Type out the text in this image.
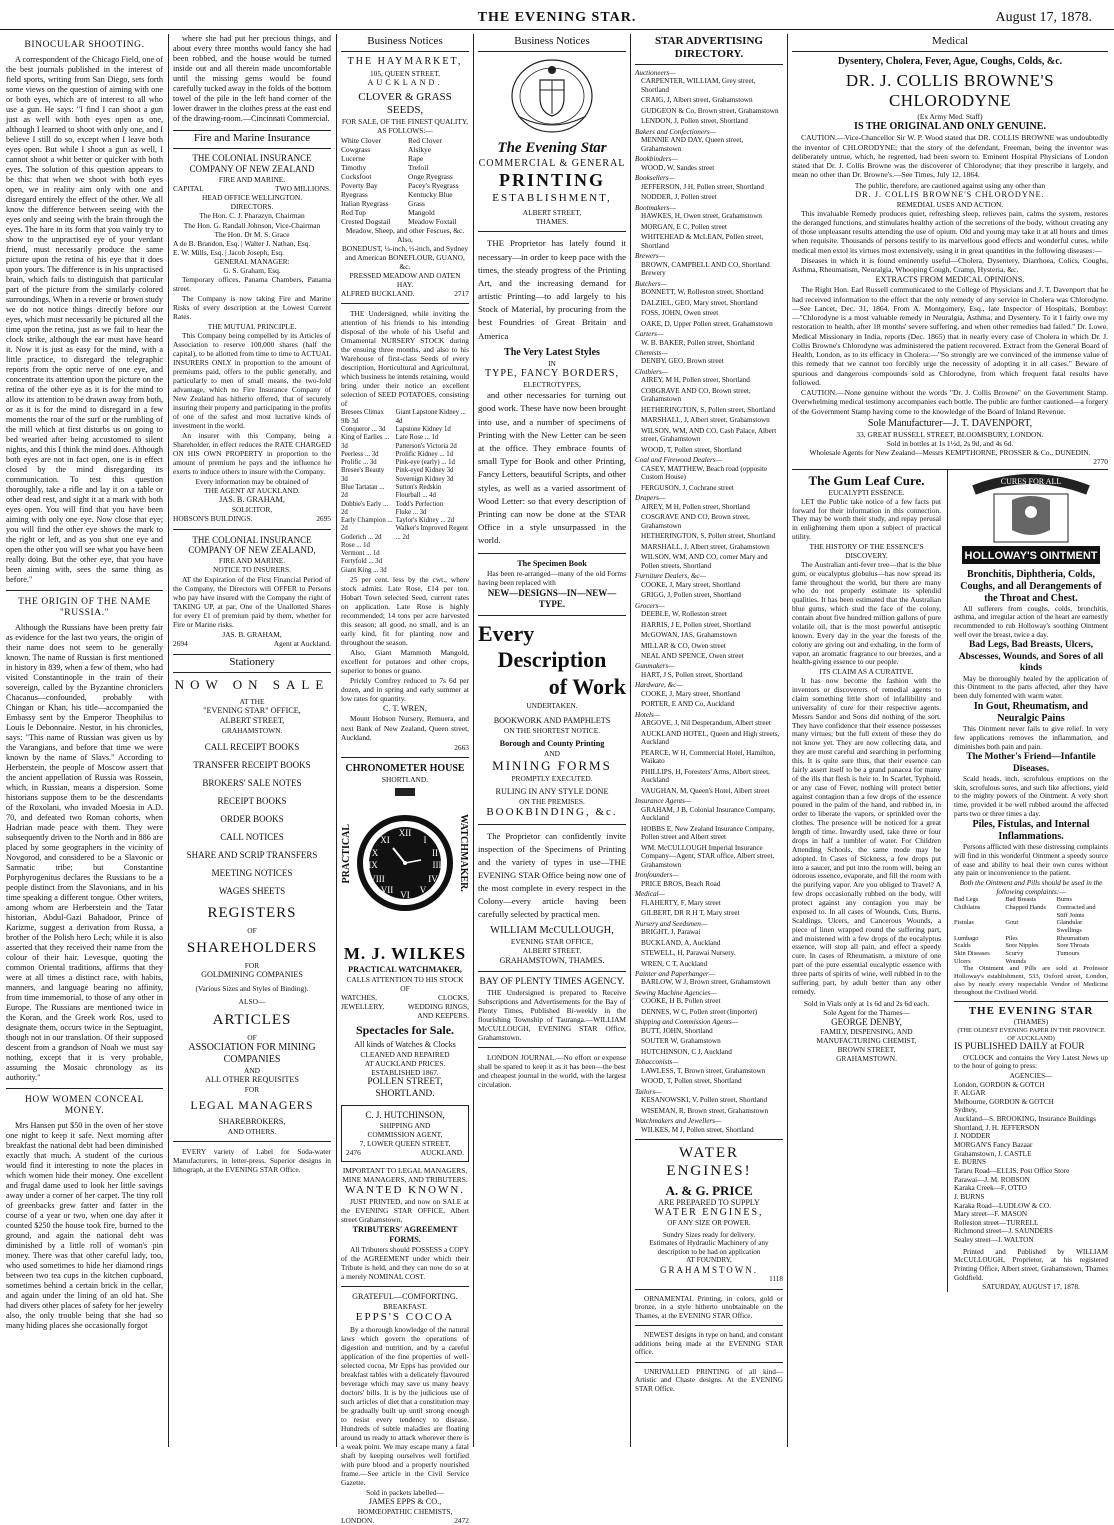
THE EVENING STAR.	August 17, 1878.
BINOCULAR SHOOTING.

A correspondent of the Chicago Field, one of the best journals published in the interest of field sports, writing from San Diego, sets forth some views on the question of aiming with one or both eyes, which are of interest to all who use a gun. He says: "I find I can shoot a gun just as well with both eyes open as one, although I learned to shoot with only one, and I believe I still do so, except when I leave both eyes open. But while I shoot a gun as well, I cannot shoot a whit better or quicker with both eyes. The solution of this question appears to be this: that when we shoot with both eyes open, we in reality aim only with one and disregard entirely the effect of the other. We all know the difference between seeing with the eyes only and seeing with the brain through the eyes. The hare in its form that you vainly try to show to the unpractised eye of your verdant friend, must necessarily produce the same picture upon the retina of his eye that it does upon yours. The difference is in his unpractised brain, which fails to distinguish that particular part of the picture from the similarly colored surroundings. When in a reverie or brown study we do not notice things directly before our eyes, which must necessarily be pictured all the time upon the retina, just as we fail to hear the clock strike, although the ear must have heard it. Now it is just as easy for the mind, with a little practice, to disregard the telegraphic reports from the optic nerve of one eye, and concentrate its attention upon the picture on the retina of the other eye as it is for the mind to allow its attention to be drawn away from both, or as it is for the mind to disregard in a few moments the roar of the surf or the rumbling of the mill which at first disturbs us on going to bed wearied after being accustomed to silent nights, and this I think the mind does. Although both eyes are not in fact open, one is in effect closed by the mind disregarding its communication. To test this question thoroughly, take a rifle and lay it on a table or other dead rest, and sight it at a mark with both eyes open. You will find that you have been aiming with only one eye. Now close that eye; you will find the other eye shows the mark to the right or left, and as you shut one eye and open the other you will see what you have been really doing. But the other eye, that you have been aiming with, sees the same thing as before."

THE ORIGIN OF THE NAME "RUSSIA."

Although the Russians have been pretty fair as evidence for the last two years, the origin of their name does not seem to be generally known. The name of Russian is first mentioned in history in 839, when a few of them, who had visited Constantinople in the train of their sovereign, called by the Byzantine chroniclers Chacanus—confounded, probably with Chingan or Khan, his title—accompanied the Embassy sent by the Emperor Theophilus to Louis le Debonnaire. Nestor, in his chronicles, says: "This name of Russian was given us by the Varangians, and before that time we were known by the name of Slavs." According to Herberstein, the people of Moscow assert that the ancient appellation of Russia was Rossein, which, in Russian, means a dispersion. Some historians suppose them to be the descendants of the Roxolani, who invaded Moesia in A.D. 70, and defeated two Roman cohorts, when Hadrian made peace with them. They were subsequently driven to the North and in 886 are placed by some geographers in the vicinity of Novgorod, and considered to be a Slavonic or Sarmatic tribe; but Constantine Porphyrogenitus declares the Russians to be a people distinct from the Slavonians, and in his time speaking a different tongue. Other writers, among whom are Herberstein and the Tatar historian, Abdul-Gazi Bahadoor, Prince of Karizme, suggest a derivation from Russa, a brother of the Polish hero Lech; while it is also asserted that they received their name from the colour of their hair. Levesque, quoting the common Oriental traditions, affirms that they were at all times a distinct race, with habits, manners, and language bearing no affinity, from time immemorial, to those of any other in Europe. The Russians are mentioned twice in the Koran, and the Greek work Ros, used to designate them, occurs twice in the Septuagint, though not in our translation. Of their supposed descent from a grandson of Noah we must say nothing, except that it is very probable, assuming the Mosaic chronology as its authority."

HOW WOMEN CONCEAL MONEY.

Mrs Hansen put $50 in the oven of her stove one night to keep it safe. Next morning after breakfast the national debt had been diminished exactly that much. A student of the curious would find it interesting to note the places in which women hide their money. One excellent and frugal dame used to look her little savings away under a corner of her carpet. The tiny roll of greenbacks grew fatter and fatter in the course of a year or two, when one day after it counted $250 the house took fire, burned to the ground, and again the national debt was diminished by a little roll of woman's pin money. There was that other careful lady, too, who used sometimes to hide her diamond rings between two tea cups in the kitchen cupboard, sometimes behind a certain brick in the cellar, and again under the lining of an old hat. She had divers other places of safety for her jewelry also, the only trouble being that she had so many hiding places she occasionally forgot

where she had put her precious things, and about every three months would fancy she had been robbed, and the house would be turned inside out and all therein made uncomfortable until the missing gems would be found carefully tucked away in the folds of the bottom towel of the pile in the left hand corner of the lower drawer in the clothes press at the east end of the drawing-room.—Cincinnati Commercial.

Fire and Marine Insurance
THE COLONIAL INSURANCE COMPANY OF NEW ZEALAND
FIRE AND MARINE.
CAPITAL	TWO MILLIONS.
HEAD OFFICE WELLINGTON.
DIRECTORS.
The Hon. C. J. Pharazyn, Chairman
The Hon. G. Randall Johnson, Vice-Chairman
The Hon. Dr M. S. Grace
A de B. Brandon, Esq. | Walter J. Nathan, Esq.
E. W. Mills, Esq. | Jacob Joseph, Esq.
GENERAL MANAGER:
G. S. Graham, Esq.

Temporary offices, Panama Chambers, Panama street.

The Company is now taking Fire and Marine Risks of every description at the Lowest Current Rates.

THE MUTUAL PRINCIPLE.

This Company being compelled by its Articles of Association to reserve 100,000 shares (half the capital), to be allotted from time to time to ACTUAL INSURERS ONLY in proportion to the amount of premiums paid, offers to the public generally, and particularly to men of small means, the two-fold advantage, which no Fire Insurance Company of New Zealand has hitherto offered, that of securely insuring their property and participating in the profits of one of the safest and most lucrative kinds of investment in the world.

An insurer with this Company, being a Shareholder, in effect reduces the RATE CHARGED ON HIS OWN PROPERTY in proportion to the amount of premium he pays and the influence he exerts to induce others to insure with the Company.

Every information may be obtained of
THE AGENT AT AUCKLAND.
JAS. B. GRAHAM,
SOLICITOR,
HOBSON'S BUILDINGS.	2695
THE COLONIAL INSURANCE COMPANY OF NEW ZEALAND,
FIRE AND MARINE.
NOTICE TO INSURERS.

AT the Expiration of the First Financial Period of the Company, the Directors will OFFER to Persons who pay have insured with the Company the right of TAKING UP, at par, One of the Unallotted Shares for every £1 of premium paid by them, whether for Fire or Marine risks.

JAS. B. GRAHAM,
2694	Agent at Auckland.
Stationery
NOW ON SALE
AT THE
"EVENING STAR" OFFICE,
ALBERT STREET,
GRAHAMSTOWN.
CALL RECEIPT BOOKS
TRANSFER RECEIPT BOOKS
BROKERS' SALE NOTES
RECEIPT BOOKS
ORDER BOOKS
CALL NOTICES
SHARE AND SCRIP TRANSFERS
MEETING NOTICES
WAGES SHEETS
REGISTERS
OF
SHAREHOLDERS
FOR
GOLDMINING COMPANIES
(Various Sizes and Styles of Binding).
ALSO—
ARTICLES
OF
ASSOCIATION FOR MINING
COMPANIES
AND
ALL OTHER REQUISITES
FOR
LEGAL MANAGERS
SHAREBROKERS,
AND OTHERS.

EVERY variety of Label for Soda-water Manufacturers, in letter-press. Superior designs in lithograph, at the EVENING STAR Office.

Business Notices
THE HAYMARKET,
105, QUEEN STREET,
AUCKLAND.
CLOVER & GRASS SEEDS,
FOR SALE, OF THE FINEST QUALITY,
AS FOLLOWS:—
White Clover
Cowgrass
Lucerne
Timothy
Cocksfoot
Poverty Bay Ryegrass
Italian Ryegrass
Red Top
Crested Dogstail
Red Clover
Alsikye
Rape
Trefoil
Onge Ryegrass
Pacey's Ryegrass
Kentucky Blue Grass
Mangold
Meadow Foxtail
Meadow, Sheep, and other Fescues, &c.
Also,
BONEDUST, ¼-inch, ½-inch, and Sydney and American BONEFLOUR, GUANO, &c.
PRESSED MEADOW AND OATEN HAY.
ALFRED BUCKLAND.	2717

THE Undersigned, while inviting the attention of his friends to his intending disposal of the whole of his Useful and Ornamental NURSERY STOCK during the ensuing three months, and also to his Warehouse of first-class Seeds of every description, Horticultural and Agricultural, which business he intends retaining, would bring under their notice an excellent selection of SEED POTATOES, consisting of

Bresees Climax 9lb 3d
Conqueror ... 3d
King of Earlies ... 3d
Peerless ... 3d
Prolific ... 3d
Bresee's Beauty 3d
Blue Tartatan ... 2d
Dobbie's Early ... 2d
Early Champion ... 2d
Goderich ... 2d
Rose ... 1d
Vermont ... 1d
Fortyfold ... 3d
Giant King ... 3d
Giant Lapstone Kidney ... 4d
Lapstone Kidney 1d
Late Rose ... 1d
Patterson's Victoria 2d
Prolific Kidney ... 1d
Pink-eye (early) ... 1d
Pink-eyed Kidney 3d
Sovereign Kidney 3d
Sutton's Redskin
Flourball ... 4d
Todd's Perfection
Fluke ... 3d
Taylor's Kidney ... 2d
Walker's Improved Regent ... 2d

25 per cent. less by the cwt., where stock admits. Late Rose, £14 per ton. Hobart Town selected Seed, current rates on application. Late Rose is highly recommended; 14 tons per acre harvested this season; all good, no small, and is an early kind, fit for planting now and throughout the season.

Also, Giant Mammoth Mangold, excellent for potatoes and other crops, superior to bones or guano.

Prickly Comfrey reduced to 7s 6d per dozen, and in spring and early summer at low rates for quantity.

C. T. WREN,

Mount Hobson Nursery, Remuera, and next Bank of New Zealand, Queen street, Auckland.

2663
CHRONOMETER HOUSE
SHORTLAND.
PRACTICAL	WATCHMAKER.
XII
I
II
III
IV
V
VI
VII
VIII
IX
X
XI
M. J. WILKES
PRACTICAL WATCHMAKER,
CALLS ATTENTION TO HIS STOCK OF
WATCHES,	CLOCKS,
JEWELLERY,	WEDDING RINGS,
AND KEEPERS.
Spectacles for Sale.
All kinds of Watches & Clocks
CLEANED AND REPAIRED
AT AUCKLAND PRICES.
ESTABLISHED 1867.
POLLEN STREET, SHORTLAND.
C. J. HUTCHINSON,
SHIPPING AND
COMMISSION AGENT,
7, LOWER QUEEN STREET,
2476	AUCKLAND.
IMPORTANT TO LEGAL MANAGERS, MINE MANAGERS, AND TRIBUTERS.
WANTED KNOWN.

JUST PRINTED, and now on SALE at the EVENING STAR OFFICE, Albert street Grahamstown,

TRIBUTERS' AGREEMENT FORMS.

All Tributers should POSSESS a COPY of the AGREEMENT under which their Tribute is held, and they can now do so at a merely NOMINAL COST.

GRATEFUL—COMFORTING.
BREAKFAST.
EPPS'S COCOA

By a thorough knowledge of the natural laws which govern the operations of digestion and nutrition, and by a careful application of the fine properties of well-selected cocoa, Mr Epps has provided our breakfast tables with a delicately flavoured beverage which may save us many heavy doctors' bills. It is by the judicious use of such articles of diet that a constitution may be gradually built up until strong enough to resist every tendency to disease. Hundreds of subtle maladies are floating around us ready to attack wherever there is a weak point. We may escape many a fatal shaft by keeping ourselves well fortified with pure blood and a properly nourished frame.—See article in the Civil Service Gazette.

Sold in packets labelled—
JAMES EPPS & CO.,
HOMŒOPATHIC CHEMISTS,
LONDON.	2472
Business Notices
The Evening Star
COMMERCIAL & GENERAL
PRINTING
ESTABLISHMENT,
ALBERT STREET,
THAMES.

THE Proprietor has lately found it necessary—in order to keep pace with the times, the steady progress of the Printing Art, and the increasing demand for artistic Printing—to add largely to his Stock of Material, by procuring from the best Foundries of Great Britain and America

The Very Latest Styles
IN
TYPE, FANCY BORDERS,
ELECTROTYPES,

and other necessaries for turning out good work. These have now been brought into use, and a number of specimens of Printing with the New Letter can be seen at the office. They embrace founts of small Type for Book and other Printing, Fancy Letters, beautiful Scripts, and other styles, as well as a varied assortment of Wood Letter: so that every description of Printing can now be done at the STAR Office in a style unsurpassed in the world.

The Specimen Book

Has been re-arranged—many of the old Forms having been replaced with

NEW—DESIGNS—IN—NEW—TYPE.
Every
Description
of Work
UNDERTAKEN.
BOOKWORK AND PAMPHLETS
ON THE SHORTEST NOTICE.
Borough and County Printing
AND
MINING FORMS
PROMPTLY EXECUTED.
RULING IN ANY STYLE DONE
ON THE PREMISES.
BOOKBINDING, &c.

The Proprietor can confidently invite inspection of the Specimens of Printing and the variety of types in use—THE EVENING STAR Office being now one of the most complete in every respect in the Colony—every article having been carefully selected by practical men.

WILLIAM McCULLOUGH,
EVENING STAR OFFICE,
ALBERT STREET,
GRAHAMSTOWN, THAMES.
BAY OF PLENTY TIMES AGENCY.

THE Undersigned is prepared to Receive Subscriptions and Advertisements for the Bay of Plenty Times, Published Bi-weekly in the flourishing Township of Tauranga.—WILLIAM McCULLOUGH, EVENING STAR Office, Grahamstown.

LONDON JOURNAL.—No effort or expense shall be spared to keep it as it has been—the best and cheapest journal in the world, with the largest circulation.

STAR ADVERTISING DIRECTORY.
Auctioneers—
CARPENTER, WILLIAM, Grey street, Shortland
CRAIG, J, Albert street, Grahamstown
GUDGEON & Co, Brown street, Grahamstown
LENDON, J, Pollen street, Shortland
Bakers and Confectioners—
MENNIE AND DAY, Queen street, Grahamstown
Bookbinders—
WOOD, W, Sandes street
Booksellers—
JEFFERSON, J H, Pollen street, Shortland
NODDER, J, Pollen street
Bootmakers—
HAWKES, H, Owen street, Grahamstown
MORGAN, E C, Pollen street
WHITEHEAD & McLEAN, Pollen street, Shortland
Brewers—
BROWN, CAMPBELL AND CO, Shortland Brewery
Butchers—
BONNETT, W, Rolleston street, Shortland
DALZIEL, GEO, Mary street, Shortland
FOSS, JOHN, Owen street
OAKE, D, Upper Pollen street, Grahamstown
Carters—
W. B. BAKER, Pollen street, Shortland
Chemists—
DENBY, GEO, Brown street
Clothiers—
AIREY, M H, Pollen street, Shortland
COBGRAVE AND CO, Brown street, Grahamstown
HETHERINGTON, S, Pollen street, Shortland
MARSHALL, J, Albert street, Grahamstown
WILSON, WM, AND CO, Cash Palace, Albert street, Grahamstown
WOOD, T, Pollen street, Shortland
Coal and Firewood Dealers—
CASEY, MATTHEW, Beach road (opposite Custom House)
FERGUSON, J, Cochrane street
Drapers—
AIREY, M H, Pollen street, Shortland
COSGRAVE AND CO, Brown street, Grahamstown
HETHERINGTON, S, Pollen street, Shortland
MARSHALL, J, Albert street, Grahamstown
WILSON, WM, AND CO, corner Mary and Pollen streets, Shortland
Furniture Dealers, &c—
COOKE, J, Mary street, Shortland
GRIGG, J, Pollen street, Shortland
Grocers—
DEEBLE, W, Rolleston street
HARRIS, J E, Pollen street, Shortland
McGOWAN, JAS, Grahamstown
MILLAR & CO, Owen street
NEAL AND SPENCE, Owen street
Gunmakers—
HART, J S, Pollen street, Shortland
Hardware, &c—
COOKE, J, Mary street, Shortland
PORTER, E AND Co, Auckland
Hotels—
ARGOVE, J, Nil Desperandum, Albert street
AUCKLAND HOTEL, Queen and High streets, Auckland
PEARCE, W H, Commercial Hotel, Hamilton, Waikato
PHILLIPS, H, Foresters' Arms, Albert street, Auckland
VAUGHAN, M, Queen's Hotel, Albert street
Insurance Agents—
GRAHAM, J B, Colonial Insurance Company, Auckland
HOBBS E, New Zealand Insurance Company, Pollen street and Albert street
WM. McCULLOUGH Imperial Insurance Company—Agent, STAR office, Albert street, Grahamstown
Ironfounders—
PRICE BROS, Beach Road
Medical—
FLAHERTY, F, Mary street
GILBERT, DR R H T, Mary street
Nursery and Seedsmen—
BRIGHT, J, Parawai
BUCKLAND, A, Auckland
STEWELL, H, Parawai Nursery.
WREN, C T, Auckland
Painter and Paperhanger—
BARLOW, W J, Brown street, Grahamstown
Sewing Machine Agencies—
COOKE, H B, Pollen street
DENNES, W C, Pollen street (Importer)
Shipping and Commission Agents—
BUTT, JOHN, Shortland
SOUTER W, Grahamstown
HUTCHINSON, C J, Auckland
Tobacconists—
LAWLESS, T, Brown street, Grahamstown
WOOD, T, Pollen street, Shortland
Tailors—
KESANOWSKI, V, Pollen street, Shortland
WISEMAN, R, Brown street, Grahamstown
Watchmakers and Jewellers—
WILKES, M J, Pollen street, Shortland
WATER ENGINES!
A. & G. PRICE
ARE PREPARED TO SUPPLY
WATER ENGINES,
OF ANY SIZE OR POWER.
Sundry Sizes ready for delivery.
Estimates of Hydraulic Machinery of any description to be had on application
AT FOUNDRY,
GRAHAMSTOWN.
1118

ORNAMENTAL Printing, in colors, gold or bronze, in a style hitherto unobtainable on the Thames, at the EVENING STAR Office.

NEWEST designs in type on hand, and constant additions being made at the EVENING STAR office.

UNRIVALLED PRINTING of all kind—Artistic and Chaste designs. At the EVENING STAR Office.

Medical
Dysentery, Cholera, Fever, Ague, Coughs, Colds, &c.
DR. J. COLLIS BROWNE'S CHLORODYNE
(Ex Army Med. Staff)
IS THE ORIGINAL AND ONLY GENUINE.

CAUTION.—Vice-Chancellor Sir W. P. Wood stated that DR. COLLIS BROWNE was undoubtedly the inventor of CHLORODYNE; that the story of the defendant, Freeman, being the inventor was deliberately untrue, which, he regretted, had been sworn to. Eminent Hospital Physicians of London stated that Dr. J. Collis Browne was the discoverer of Chlorodyne; that they prescribe it largely, and mean no other than Dr. Browne's.—See Times, July 12, 1864.

The public, therefore, are cautioned against using any other than
DR. J. COLLIS BROWNE'S CHLORODYNE.
REMEDIAL USES AND ACTION.

This invaluable Remedy produces quiet, refreshing sleep, relieves pain, calms the system, restores the deranged functions, and stimulates healthy action of the secretions of the body, without creating any of those unpleasant results attending the use of opium. Old and young may take it at all hours and times when requisite. Thousands of persons testify to its marvellous good effects and wonderful cures, while medical men extol its virtues most extensively, using it in great quantities in the following diseases:—

Diseases in which it is found eminently useful—Cholera, Dysentery, Diarrhoea, Colics, Coughs, Asthma, Rheumatism, Neuralgia, Whooping Cough, Cramp, Hysteria, &c.

EXTRACTS FROM MEDICAL OPINIONS.

The Right Hon. Earl Russell communicated to the College of Physicians and J. T. Davenport that he had received information to the effect that the only remedy of any service in Cholera was Chlorodyne.—See Lancet, Dec. 31, 1864. From A. Montgomery, Esq., late Inspector of Hospitals, Bombay:—"Chlorodyne is a most valuable remedy in Neuralgia, Asthma, and Dysentery. To it I fairly owe my restoration to health, after 18 months' severe suffering, and when other remedies had failed." Dr. Lowe. Medical Missionary in India, reports (Dec. 1865) that in nearly every case of Cholera in which Dr. J. Collis Browne's Chlorodyne was administered the patient recovered. Extract from the General Board of Health, London, as to its efficacy in Cholera:—"So strongly are we convinced of the immense value of this remedy that we cannot too forcibly urge the necessity of adopting it in all cases." Beware of spurious and dangerous compounds sold as Chlorodyne, from which frequent fatal results have followed.

CAUTION.—None genuine without the words "Dr. J. Collis Browne" on the Government Stamp. Overwhelming medical testimony accompanies each bottle. The public are further cautioned—a forgery of the Government Stamp having come to the knowledge of the Board of Inland Revenue.

Sole Manufacturer—J. T. DAVENPORT,
33, GREAT RUSSELL STREET, BLOOMSBURY, LONDON.
Sold in bottles at 1s 1½d, 2s 9d, and 4s 6d.
Wholesale Agents for New Zealand—Messrs KEMPTHORNE, PROSSER & Co., DUNEDIN.
2770
The Gum Leaf Cure.
EUCALYPTI ESSENCE.

LET the Public take notice of a few facts put forward for their information in this connection. They may be worth their study, and repay perusal in enlightening them upon a subject of practical utility.

THE HISTORY OF THE ESSENCE'S DISCOVERY.

The Australian anti-fever tree—that is the blue gum, or eucalyptus globulus—has now spread its fame throughout the world, but there are many who do not properly estimate its splendid qualities. It has been estimated that the Australian blue gums, which stud the face of the colony, contain about five hundred million gallons of pure volatile oil, that is the most powerful antiseptic known. Every day in the year the forests of the colony are giving out and exhaling, in the form of vapor, an aromatic fragrance to our breezes, and a health-giving essence to our people.

ITS CLAIM AS A CURATIVE.

It has now become the fashion with the inventors or discoverers of remedial agents to claim something little short of infallibility and universality of cure for their respective agents. Messrs Sandor and Sons did nothing of the sort. They have confidence that their essence possesses many virtues; but the full extent of these they do not know yet. They are now collecting data, and they are most careful and searching in performing this. It is quite sure thus, that their essence can fairly assert itself to be a grand panacea for many of the ills that flesh is heir to. In Scarlet, Typhoid, or any case of Fever, nothing will protect better against contagion than a few drops of the essence poured in the palm of the hand, and rubbed in, in order to liberate the vapors, or sprinkled over the clothes. The presence will be noticed for a great length of time. Inwardly used, take three or four drops in half a tumbler of water. For Children Attending Schools, the same mode may be adopted. In Cases of Sickness, a few drops put into a saucer, and put into the room will, being an odorous essence, evaporate, and fill the room with the purifying vapor. Are you obliged to Travel? A few drops occasionally rubbed on the body, will protect against any contagion you may be exposed to. In all cases of Wounds, Cuts, Burns, Scaldings, Ulcers, and Cancerous Wounds, a piece of linen wrapped round the suffering part, and moistened with a few drops of the eucalyptus essence, will stop all pain, and effect a speedy cure. In cases of Rheumatism, a mixture of one part of the pure essential eucalyptic essence with three parts of spirits of wine, well rubbed in to the suffering part, by adult better than any other remedy.

Sold in Vials only at 1s 6d and 2s 6d each.
Sole Agent for the Thames—
GEORGE DENBY,
FAMILY, DISPENSING, AND MANUFACTURING CHEMIST,
BROWN STREET,
GRAHAMSTOWN.
CURES FOR ALL
HOLLOWAY'S OINTMENT
Bronchitis, Diphtheria, Colds, Coughs, and all Derangements of the Throat and Chest.

All sufferers from coughs, colds, bronchitis, asthma, and irregular action of the heart are earnestly recommended to rub Holloway's soothing Ointment well over the breast, twice a day.

Bad Legs, Bad Breasts, Ulcers, Abscesses, Wounds, and Sores of all kinds

May be thoroughly healed by the application of this Ointment to the parts affected, after they have been duly fomented with warm water.

In Gout, Rheumatism, and Neuralgic Pains

This Ointment never fails to give relief. In very few applications removes the inflammation, and diminishes both pain and pain.

The Mother's Friend—Infantile Diseases.

Scald heads, inch, scrofulous eruptions on the skin, scrofulous sores, and such like affections, yield to the mighty powers of the Ointment. A very short time, provided it be well rubbed around the affected parts two or three times a day.

Piles, Fistulas, and Internal Inflammations.

Persons afflicted with these distressing complaints will find in this wonderful Ointment a speedy source of ease and ability to heal their own cures without any pain or inconvenience to the patient.

Both the Ointment and Pills should be used in the following complaints:—
Bad Legs	Bad Breasts	Burns
Chilblains	Chapped Hands	Contracted and Stiff Joints
Fistulas	Gout	Glandular Swellings
Lumbago	Piles	Rheumatism
Scalds	Sore Nipples	Sore Throats
Skin Diseases	Scurvy	Tumours
Ulcers	Wounds

The Ointment and Pills are sold at Professor Holloway's establishment, 533, Oxford street, London, also by nearly every respectable Vendor of Medicine throughout the Civilised World.

THE EVENING STAR
(THAMES)
(THE OLDEST EVENING PAPER IN THE PROVINCE OF AUCKLAND)
IS PUBLISHED DAILY at FOUR

O'CLOCK and contains the Very Latest News up to the hour of going to press:

AGENCIES—
London, GORDON & GOTCH
F. ALGAR
Melbourne, GORDON & GOTCH
Sydney,
Auckland—S. BROOKING, Insurance Buildings
Shortland, J. H. JEFFERSON
J. NODDER
MORGAN'S Fancy Bazaar
Grahamstown, J. CASTLE
E. BURNS
Tararu Road—ELLIS, Post Office Store
Parawai—J. M. ROBSON
Karaka Creek—F. OTTO
J. BURNS
Karaka Road—LUDLOW & CO.
Mary street—F. MASON
Rolleston street—TURRELL
Richmond street—J. SAUNDERS
Sealey street—J. WALTON

Printed and Published by WILLIAM McCULLOUGH, Proprietor, at his registered Printing Office, Albert street, Grahamstown, Thames Goldfield.

SATURDAY, AUGUST 17, 1878.
